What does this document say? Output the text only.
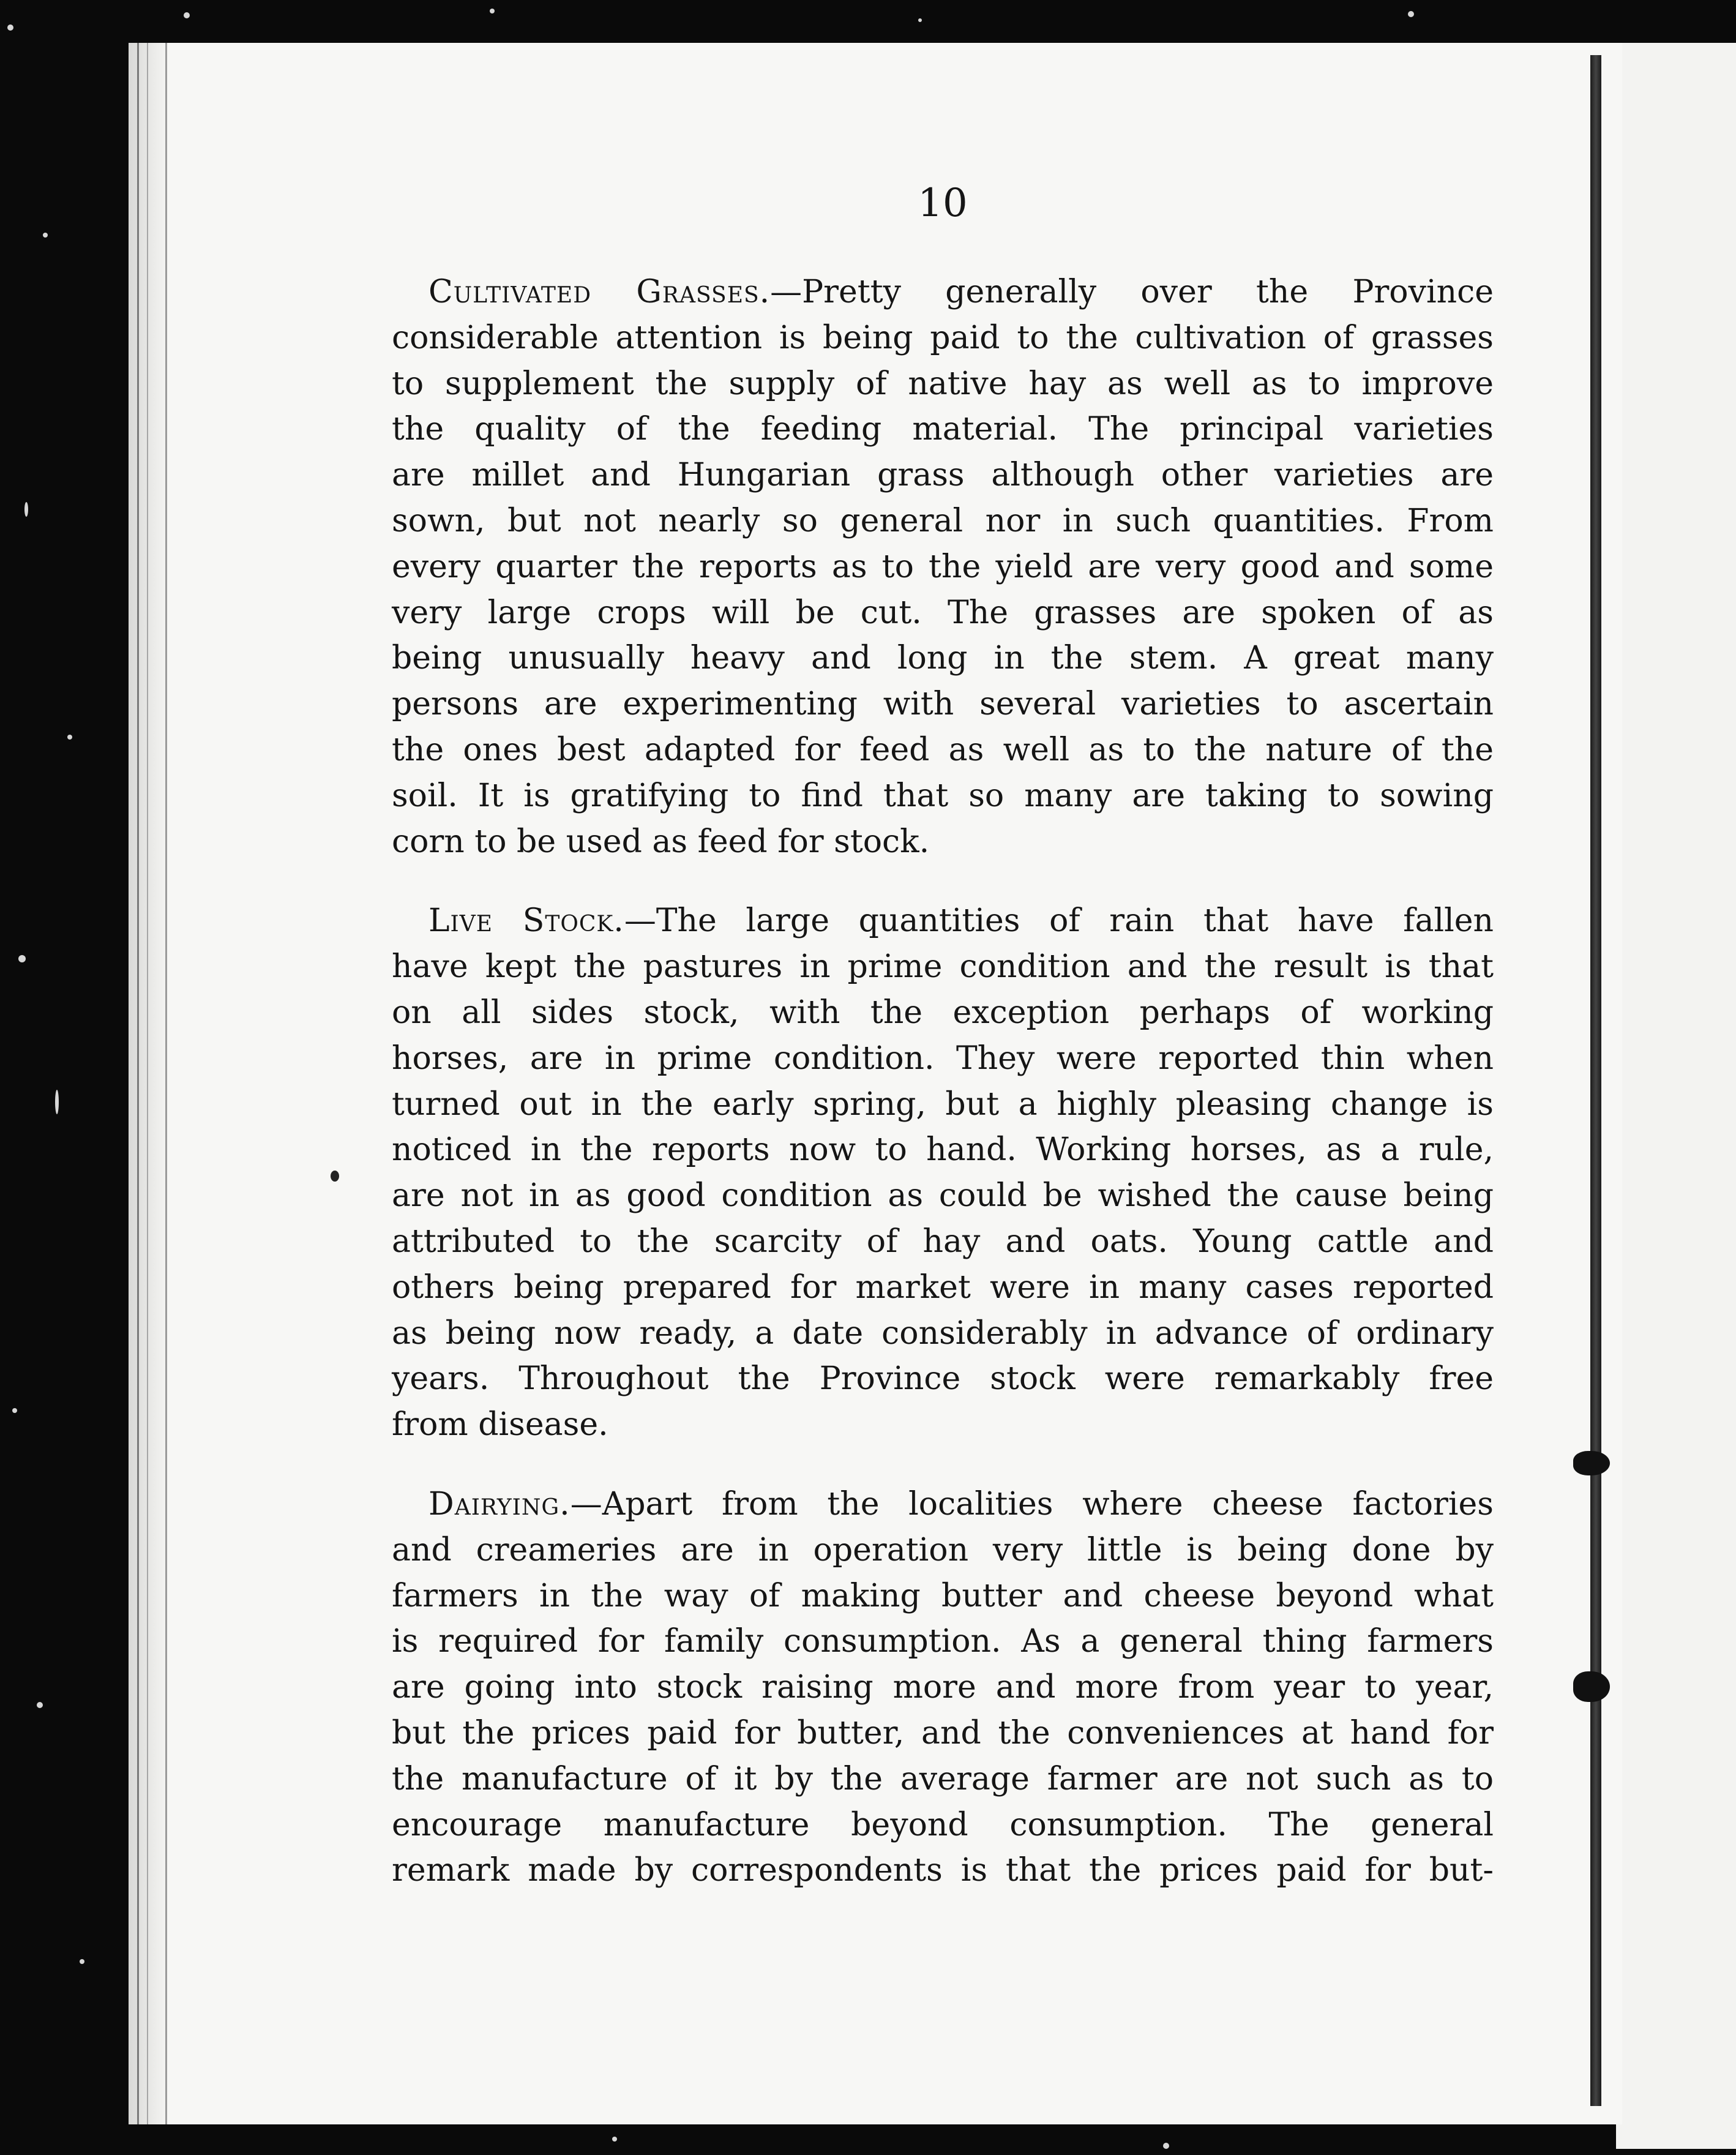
10
Cultivated Grasses.—Pretty generally over the Province
considerable attention is being paid to the cultivation of grasses
to supplement the supply of native hay as well as to improve
the quality of the feeding material. The principal varieties
are millet and Hungarian grass although other varieties are
sown, but not nearly so general nor in such quantities. From
every quarter the reports as to the yield are very good and some
very large crops will be cut. The grasses are spoken of as
being unusually heavy and long in the stem. A great many
persons are experimenting with several varieties to ascertain
the ones best adapted for feed as well as to the nature of the
soil. It is gratifying to find that so many are taking to sowing
corn to be used as feed for stock.
Live Stock.—The large quantities of rain that have fallen
have kept the pastures in prime condition and the result is that
on all sides stock, with the exception perhaps of working
horses, are in prime condition. They were reported thin when
turned out in the early spring, but a highly pleasing change is
noticed in the reports now to hand. Working horses, as a rule,
are not in as good condition as could be wished the cause being
attributed to the scarcity of hay and oats. Young cattle and
others being prepared for market were in many cases reported
as being now ready, a date considerably in advance of ordinary
years. Throughout the Province stock were remarkably free
from disease.
Dairying.—Apart from the localities where cheese factories
and creameries are in operation very little is being done by
farmers in the way of making butter and cheese beyond what
is required for family consumption. As a general thing farmers
are going into stock raising more and more from year to year,
but the prices paid for butter, and the conveniences at hand for
the manufacture of it by the average farmer are not such as to
encourage manufacture beyond consumption. The general
remark made by correspondents is that the prices paid for but-
